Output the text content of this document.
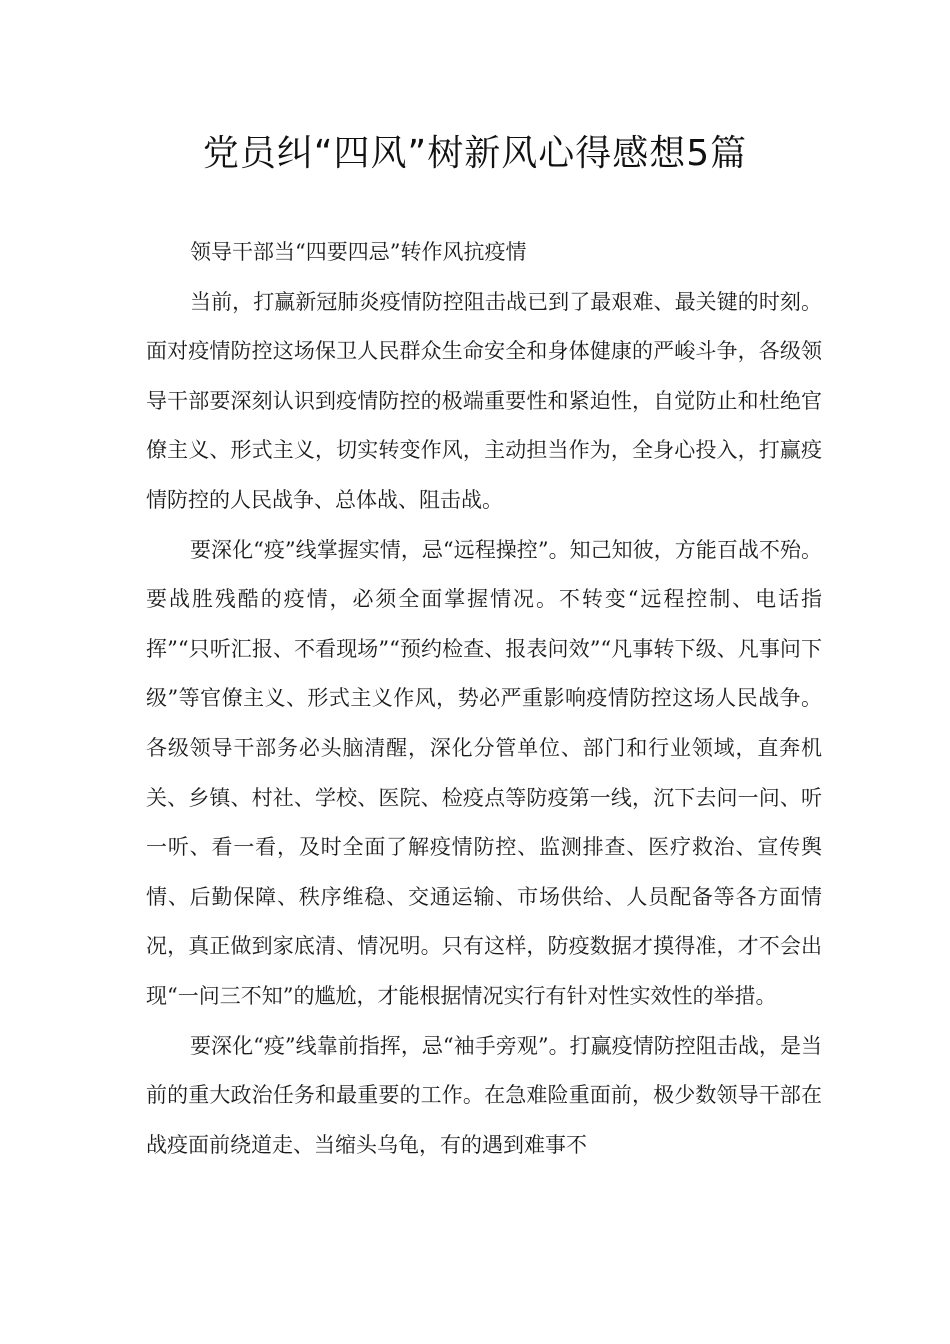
党员纠“四风”树新风心得感想5篇

领导干部当“四要四忌”转作风抗疫情

当前，打赢新冠肺炎疫情防控阻击战已到了最艰难、最关键的时刻。面对疫情防控这场保卫人民群众生命安全和身体健康的严峻斗争，各级领导干部要深刻认识到疫情防控的极端重要性和紧迫性，自觉防止和杜绝官僚主义、形式主义，切实转变作风，主动担当作为，全身心投入，打赢疫情防控的人民战争、总体战、阻击战。

要深化“疫”线掌握实情，忌“远程操控”。知己知彼，方能百战不殆。要战胜残酷的疫情，必须全面掌握情况。不转变“远程控制、电话指挥”“只听汇报、不看现场”“预约检查、报表问效”“凡事转下级、凡事问下级”等官僚主义、形式主义作风，势必严重影响疫情防控这场人民战争。各级领导干部务必头脑清醒，深化分管单位、部门和行业领域，直奔机关、乡镇、村社、学校、医院、检疫点等防疫第一线，沉下去问一问、听一听、看一看，及时全面了解疫情防控、监测排查、医疗救治、宣传舆情、后勤保障、秩序维稳、交通运输、市场供给、人员配备等各方面情况，真正做到家底清、情况明。只有这样，防疫数据才摸得准，才不会出现“一问三不知”的尴尬，才能根据情况实行有针对性实效性的举措。

要深化“疫”线靠前指挥，忌“袖手旁观”。打赢疫情防控阻击战，是当前的重大政治任务和最重要的工作。在急难险重面前，极少数领导干部在战疫面前绕道走、当缩头乌龟，有的遇到难事不
